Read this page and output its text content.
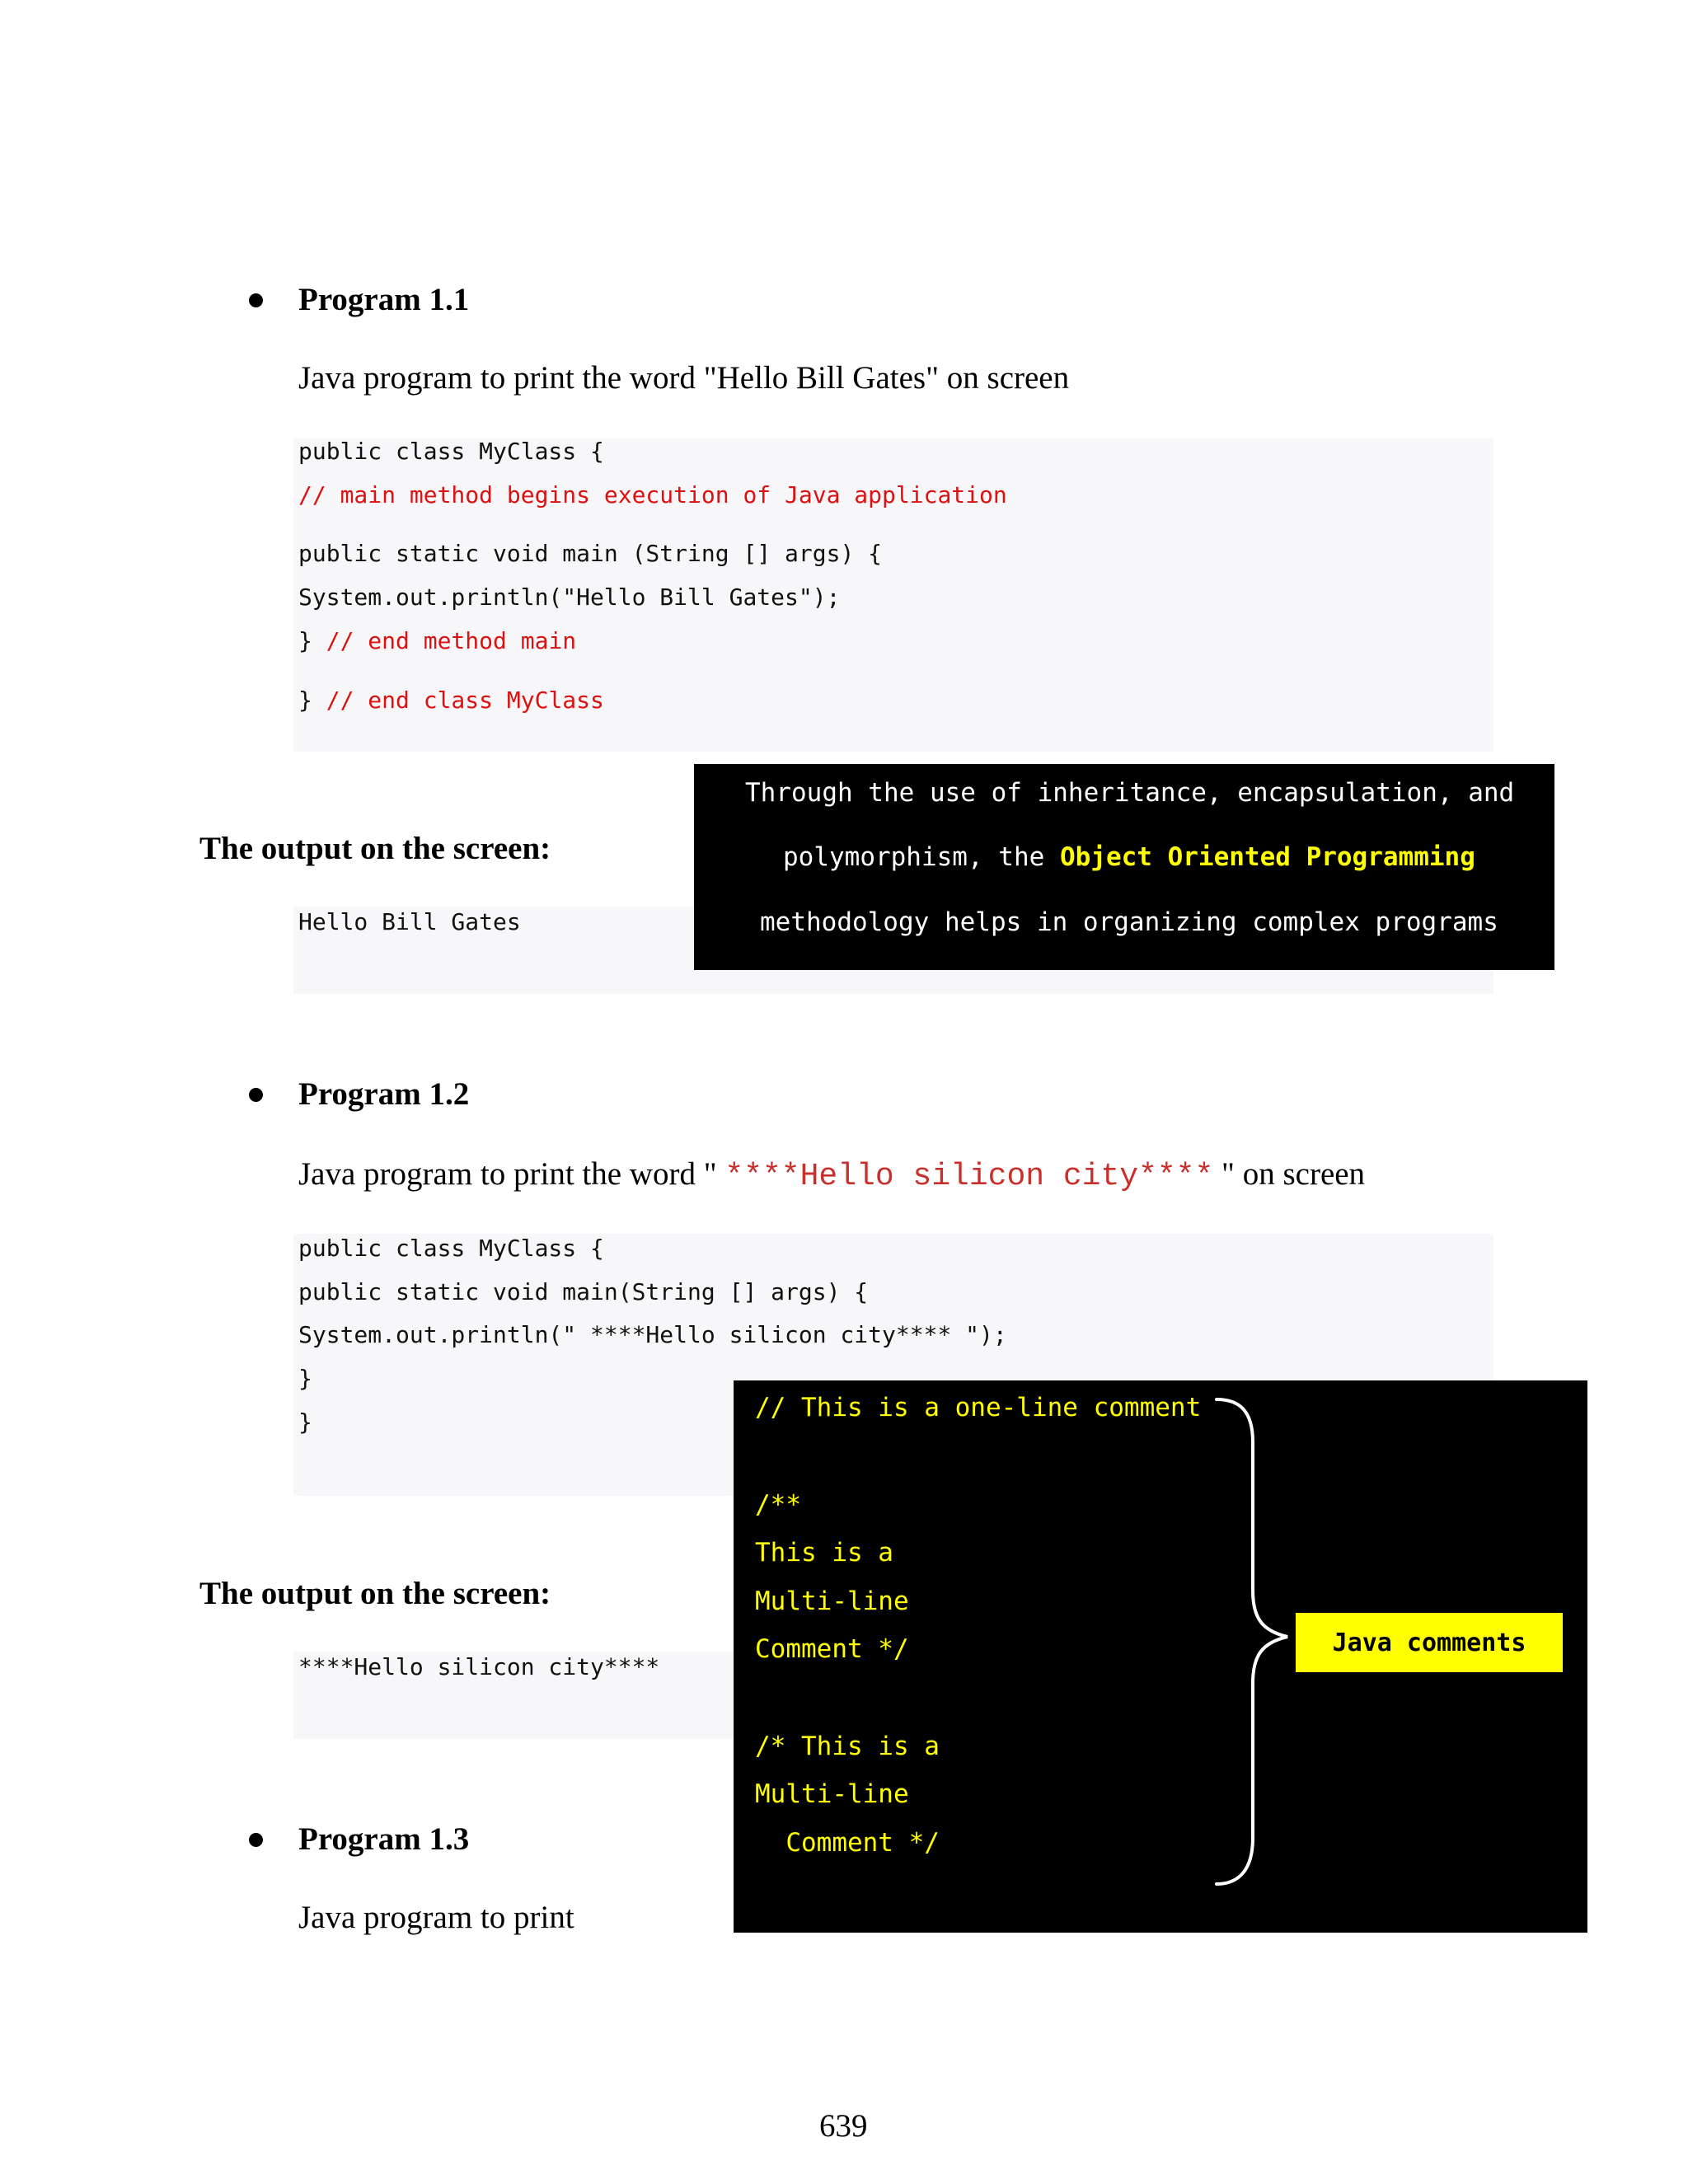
Program 1.1
Java program to print the word "Hello Bill Gates" on screen
public class MyClass {
// main method begins execution of Java application
public static void main (String [] args) {
System.out.println("Hello Bill Gates");
} // end method main
} // end class MyClass
The output on the screen:
Hello Bill Gates
Through the use of inheritance, encapsulation, and
polymorphism, the Object Oriented Programming
methodology helps in organizing complex programs
Program 1.2
Java program to print the word " ****Hello silicon city**** " on screen
public class MyClass {
public static void main(String [] args) {
System.out.println(" ****Hello silicon city**** ");
}
}
The output on the screen:
****Hello silicon city****
// This is a one-line comment
/**
This is a
Multi-line
Comment */
/* This is a
Multi-line
Comment */
Java comments
Program 1.3
Java program to print
639
